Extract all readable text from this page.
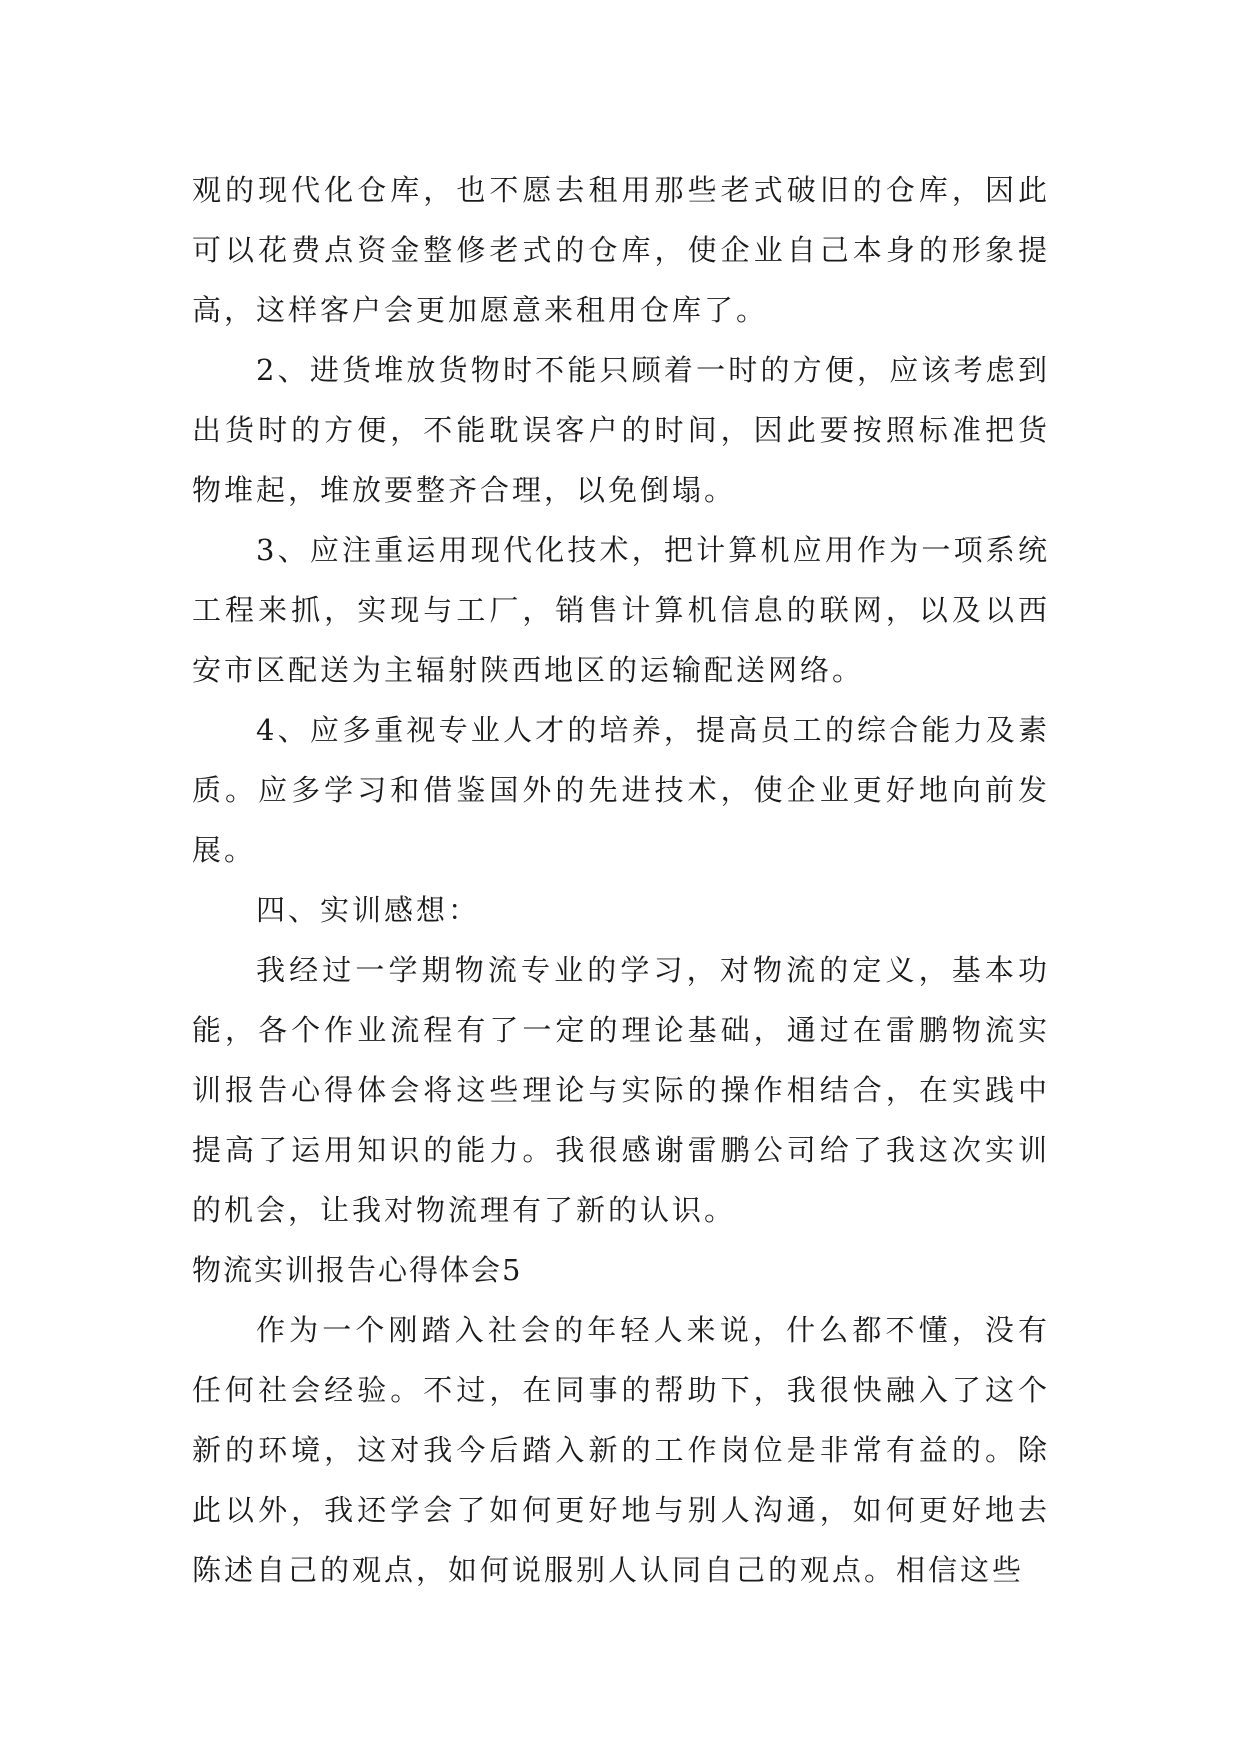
观的现代化仓库，也不愿去租用那些老式破旧的仓库，因此可以花费点资金整修老式的仓库，使企业自己本身的形象提高，这样客户会更加愿意来租用仓库了。

2、进货堆放货物时不能只顾着一时的方便，应该考虑到出货时的方便，不能耽误客户的时间，因此要按照标准把货物堆起，堆放要整齐合理，以免倒塌。

3、应注重运用现代化技术，把计算机应用作为一项系统工程来抓，实现与工厂，销售计算机信息的联网，以及以西安市区配送为主辐射陕西地区的运输配送网络。

4、应多重视专业人才的培养，提高员工的综合能力及素质。应多学习和借鉴国外的先进技术，使企业更好地向前发展。

四、实训感想：

我经过一学期物流专业的学习，对物流的定义，基本功能，各个作业流程有了一定的理论基础，通过在雷鹏物流实训报告心得体会将这些理论与实际的操作相结合，在实践中提高了运用知识的能力。我很感谢雷鹏公司给了我这次实训的机会，让我对物流理有了新的认识。

物流实训报告心得体会5

作为一个刚踏入社会的年轻人来说，什么都不懂，没有任何社会经验。不过，在同事的帮助下，我很快融入了这个新的环境，这对我今后踏入新的工作岗位是非常有益的。除此以外，我还学会了如何更好地与别人沟通，如何更好地去陈述自己的观点，如何说服别人认同自己的观点。相信这些
